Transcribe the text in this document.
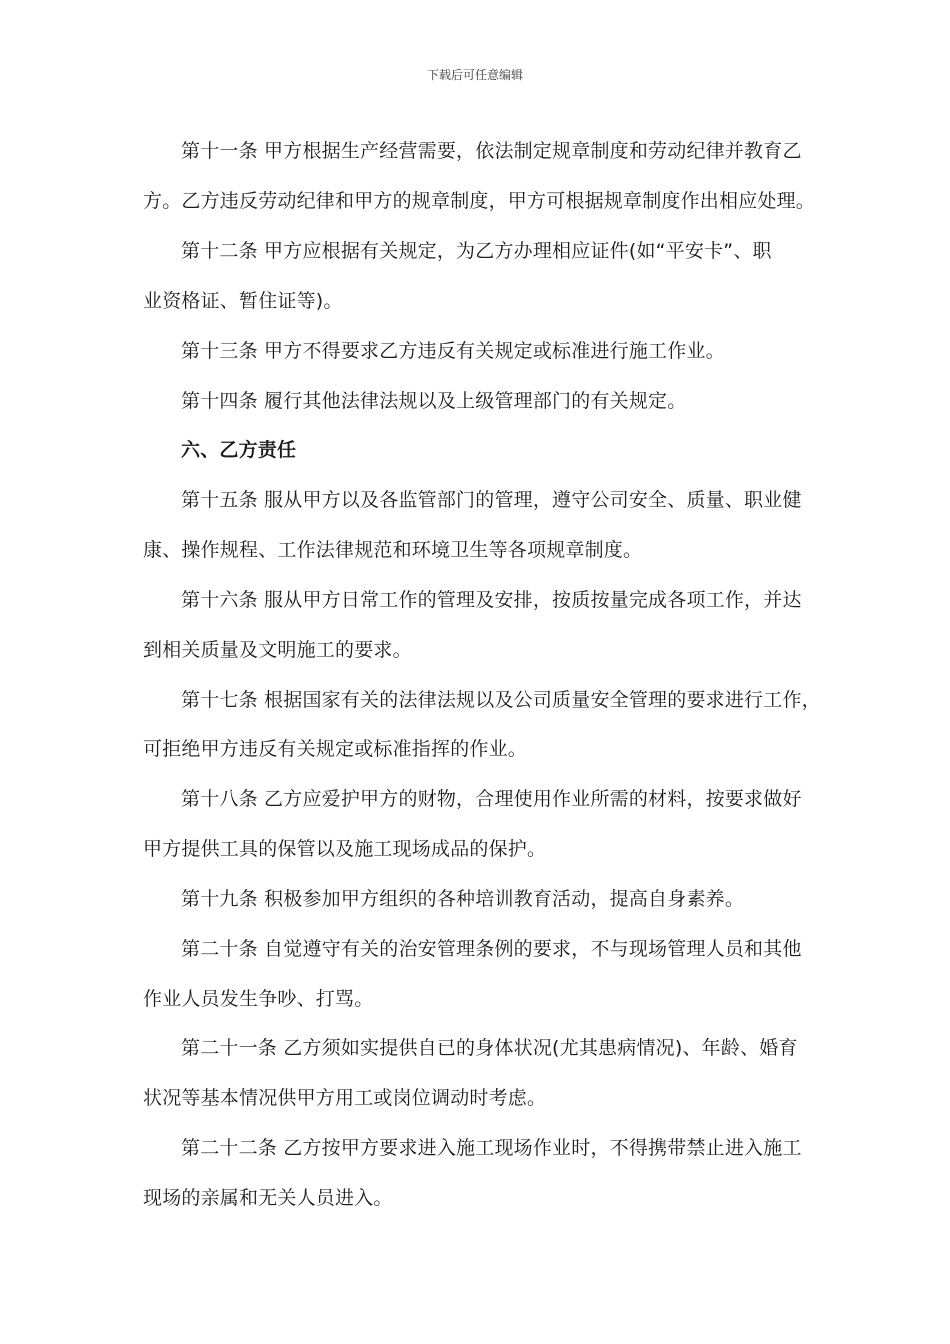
下载后可任意编辑
第十一条 甲方根据生产经营需要，依法制定规章制度和劳动纪律并教育乙
方。乙方违反劳动纪律和甲方的规章制度，甲方可根据规章制度作出相应处理。
第十二条 甲方应根据有关规定，为乙方办理相应证件(如“平安卡”、职
业资格证、暂住证等)。
第十三条 甲方不得要求乙方违反有关规定或标准进行施工作业。
第十四条 履行其他法律法规以及上级管理部门的有关规定。
六、乙方责任
第十五条 服从甲方以及各监管部门的管理，遵守公司安全、质量、职业健
康、操作规程、工作法律规范和环境卫生等各项规章制度。
第十六条 服从甲方日常工作的管理及安排，按质按量完成各项工作，并达
到相关质量及文明施工的要求。
第十七条 根据国家有关的法律法规以及公司质量安全管理的要求进行工作，
可拒绝甲方违反有关规定或标准指挥的作业。
第十八条 乙方应爱护甲方的财物，合理使用作业所需的材料，按要求做好
甲方提供工具的保管以及施工现场成品的保护。
第十九条 积极参加甲方组织的各种培训教育活动，提高自身素养。
第二十条 自觉遵守有关的治安管理条例的要求，不与现场管理人员和其他
作业人员发生争吵、打骂。
第二十一条 乙方须如实提供自已的身体状况(尤其患病情况)、年龄、婚育
状况等基本情况供甲方用工或岗位调动时考虑。
第二十二条 乙方按甲方要求进入施工现场作业时，不得携带禁止进入施工
现场的亲属和无关人员进入。
